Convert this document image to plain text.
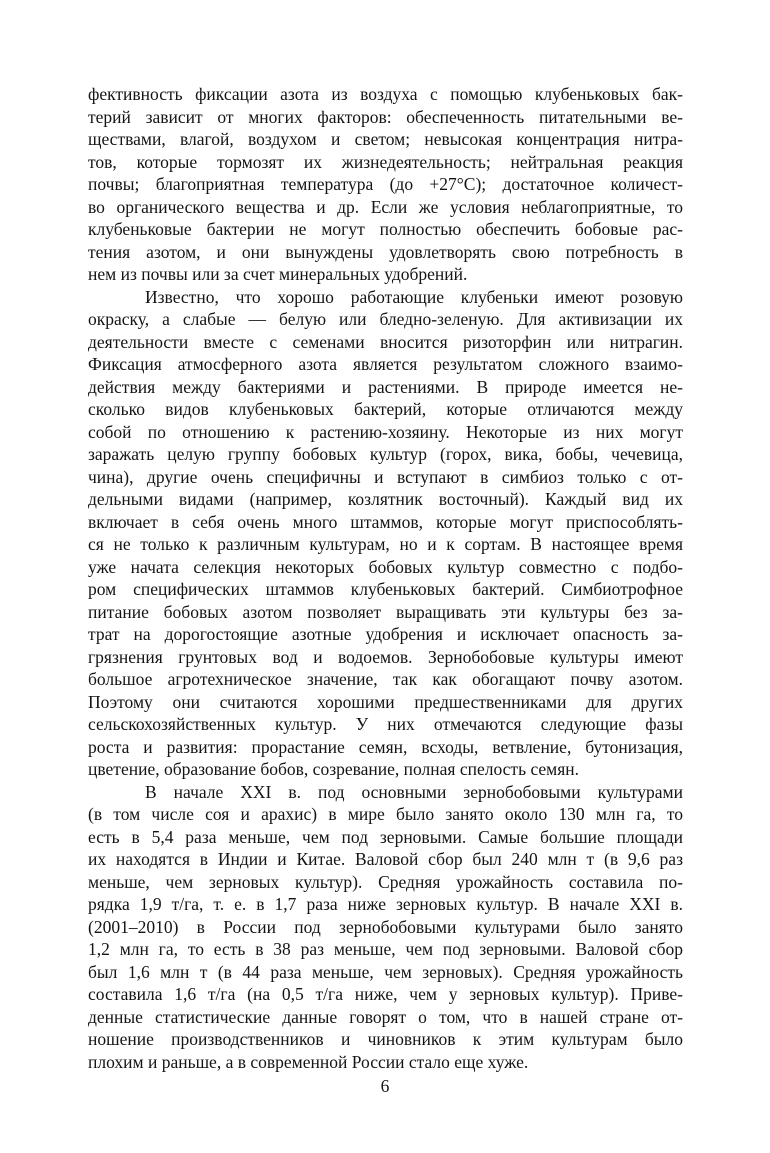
фективность фиксации азота из воздуха с помощью клубеньковых бак-
терий зависит от многих факторов: обеспеченность питательными ве-
ществами, влагой, воздухом и светом; невысокая концентрация нитра-
тов, которые тормозят их жизнедеятельность; нейтральная реакция
почвы; благоприятная температура (до +27°С); достаточное количест-
во органического вещества и др. Если же условия неблагоприятные, то
клубеньковые бактерии не могут полностью обеспечить бобовые рас-
тения азотом, и они вынуждены удовлетворять свою потребность в
нем из почвы или за счет минеральных удобрений.
Известно, что хорошо работающие клубеньки имеют розовую
окраску, а слабые — белую или бледно-зеленую. Для активизации их
деятельности вместе с семенами вносится ризоторфин или нитрагин.
Фиксация атмосферного азота является результатом сложного взаимо-
действия между бактериями и растениями. В природе имеется не-
сколько видов клубеньковых бактерий, которые отличаются между
собой по отношению к растению-хозяину. Некоторые из них могут
заражать целую группу бобовых культур (горох, вика, бобы, чечевица,
чина), другие очень специфичны и вступают в симбиоз только с от-
дельными видами (например, козлятник восточный). Каждый вид их
включает в себя очень много штаммов, которые могут приспособлять-
ся не только к различным культурам, но и к сортам. В настоящее время
уже начата селекция некоторых бобовых культур совместно с подбо-
ром специфических штаммов клубеньковых бактерий. Симбиотрофное
питание бобовых азотом позволяет выращивать эти культуры без за-
трат на дорогостоящие азотные удобрения и исключает опасность за-
грязнения грунтовых вод и водоемов. Зернобобовые культуры имеют
большое агротехническое значение, так как обогащают почву азотом.
Поэтому они считаются хорошими предшественниками для других
сельскохозяйственных культур. У них отмечаются следующие фазы
роста и развития: прорастание семян, всходы, ветвление, бутонизация,
цветение, образование бобов, созревание, полная спелость семян.
В начале XXI в. под основными зернобобовыми культурами
(в том числе соя и арахис) в мире было занято около 130 млн га, то
есть в 5,4 раза меньше, чем под зерновыми. Самые большие площади
их находятся в Индии и Китае. Валовой сбор был 240 млн т (в 9,6 раз
меньше, чем зерновых культур). Средняя урожайность составила по-
рядка 1,9 т/га, т. е. в 1,7 раза ниже зерновых культур. В начале XXI в.
(2001–2010) в России под зернобобовыми культурами было занято
1,2 млн га, то есть в 38 раз меньше, чем под зерновыми. Валовой сбор
был 1,6 млн т (в 44 раза меньше, чем зерновых). Средняя урожайность
составила 1,6 т/га (на 0,5 т/га ниже, чем у зерновых культур). Приве-
денные статистические данные говорят о том, что в нашей стране от-
ношение производственников и чиновников к этим культурам было
плохим и раньше, а в современной России стало еще хуже.
6
